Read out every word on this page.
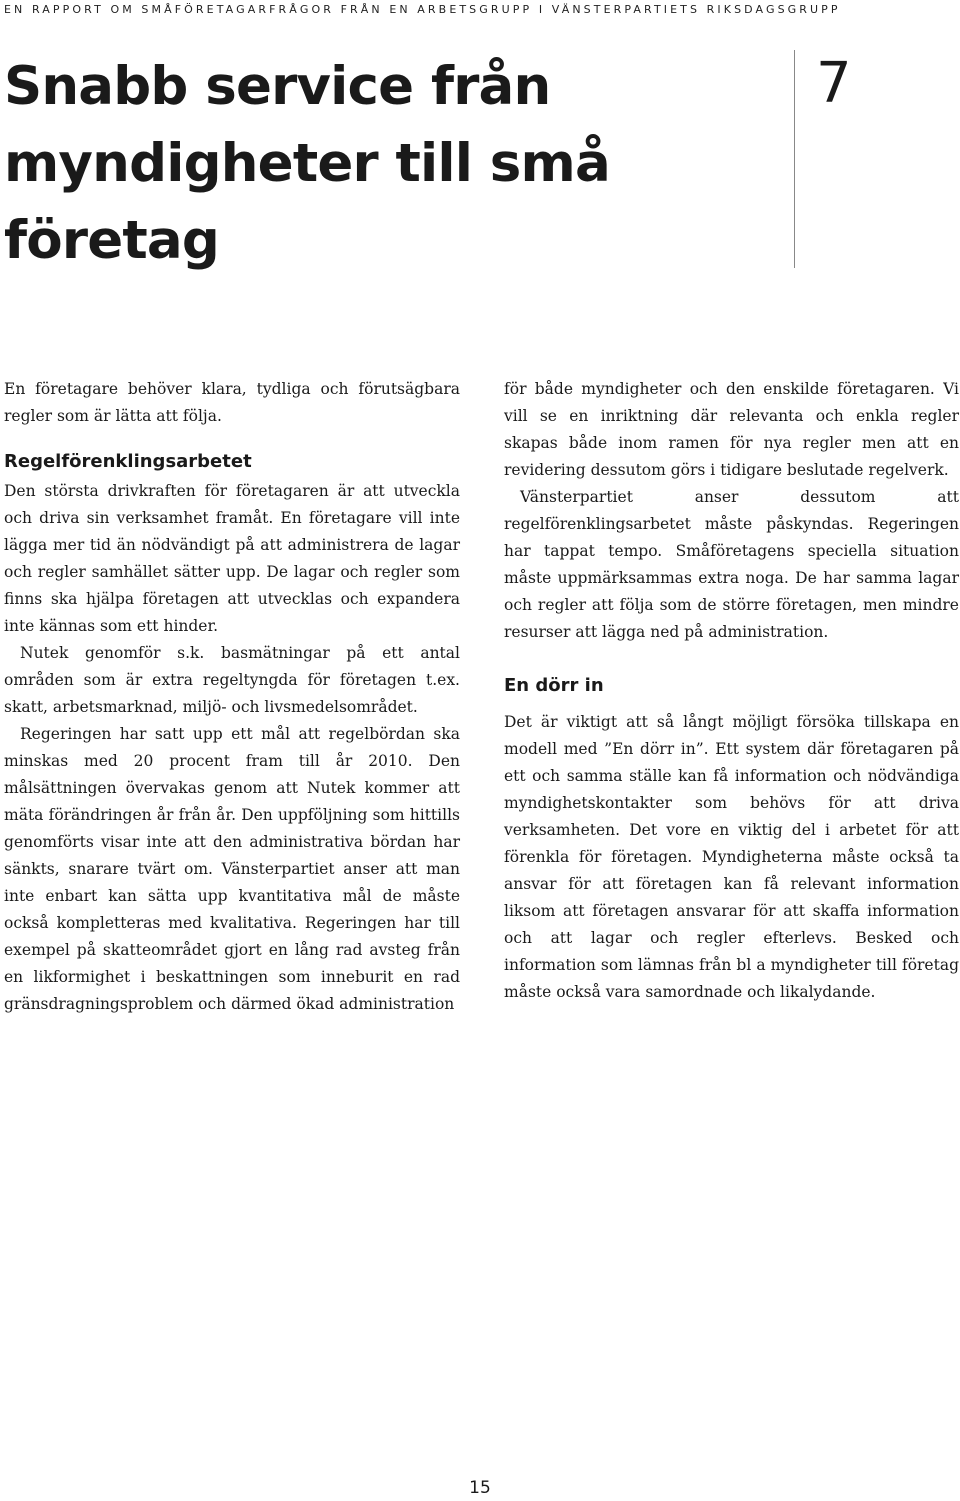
EN RAPPORT OM SMÅFÖRETAGARFRÅGOR FRÅN EN ARBETSGRUPP I VÄNSTERPARTIETS RIKSDAGSGRUPP
Snabb service från myndigheter till små företag
7

En företagare behöver klara, tydliga och förutsägbara regler som är lätta att följa.

Regelförenklingsarbetet

Den största drivkraften för företagaren är att utveckla och driva sin verksamhet framåt. En företagare vill inte lägga mer tid än nödvändigt på att administrera de lagar och regler samhället sätter upp. De lagar och regler som finns ska hjälpa företagen att utvecklas och expandera inte kännas som ett hinder.

Nutek genomför s.k. basmätningar på ett antal områden som är extra regeltyngda för företagen t.ex. skatt, arbetsmarknad, miljö- och livsmedelsområdet.

Regeringen har satt upp ett mål att regelbördan ska minskas med 20 procent fram till år 2010. Den målsättningen övervakas genom att Nutek kommer att mäta förändringen år från år. Den uppföljning som hittills genomförts visar inte att den administrativa bördan har sänkts, snarare tvärt om. Vänsterpartiet anser att man inte enbart kan sätta upp kvantitativa mål de måste också kompletteras med kvalitativa. Regeringen har till exempel på skatteområdet gjort en lång rad avsteg från en likformighet i beskattningen som inneburit en rad gränsdragningsproblem och därmed ökad administration

för både myndigheter och den enskilde företagaren. Vi vill se en inriktning där relevanta och enkla regler skapas både inom ramen för nya regler men att en revidering dessutom görs i tidigare beslutade regelverk.

Vänsterpartiet anser dessutom att regelförenklingsarbetet måste påskyndas. Regeringen har tappat tempo. Småföretagens speciella situation måste uppmärksammas extra noga. De har samma lagar och regler att följa som de större företagen, men mindre resurser att lägga ned på administration.

En dörr in

Det är viktigt att så långt möjligt försöka tillskapa en modell med ”En dörr in”. Ett system där företagaren på ett och samma ställe kan få information och nödvändiga myndighetskontakter som behövs för att driva verksamheten. Det vore en viktig del i arbetet för att förenkla för företagen. Myndigheterna måste också ta ansvar för att företagen kan få relevant information liksom att företagen ansvarar för att skaffa information och att lagar och regler efterlevs. Besked och information som lämnas från bl a myndigheter till företag måste också vara samordnade och likalydande.

15
